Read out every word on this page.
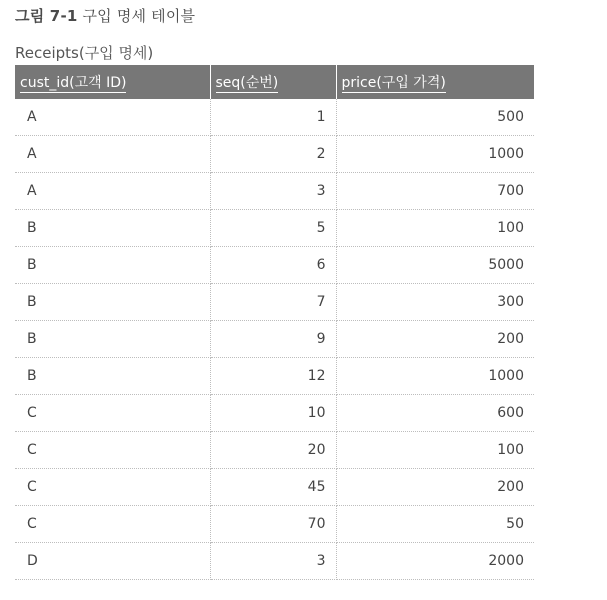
그림 7-1 구입 명세 테이블
Receipts(구입 명세)
cust_id(고객 ID)	seq(순번)	price(구입 가격)
A	1	500
A	2	1000
A	3	700
B	5	100
B	6	5000
B	7	300
B	9	200
B	12	1000
C	10	600
C	20	100
C	45	200
C	70	50
D	3	2000
